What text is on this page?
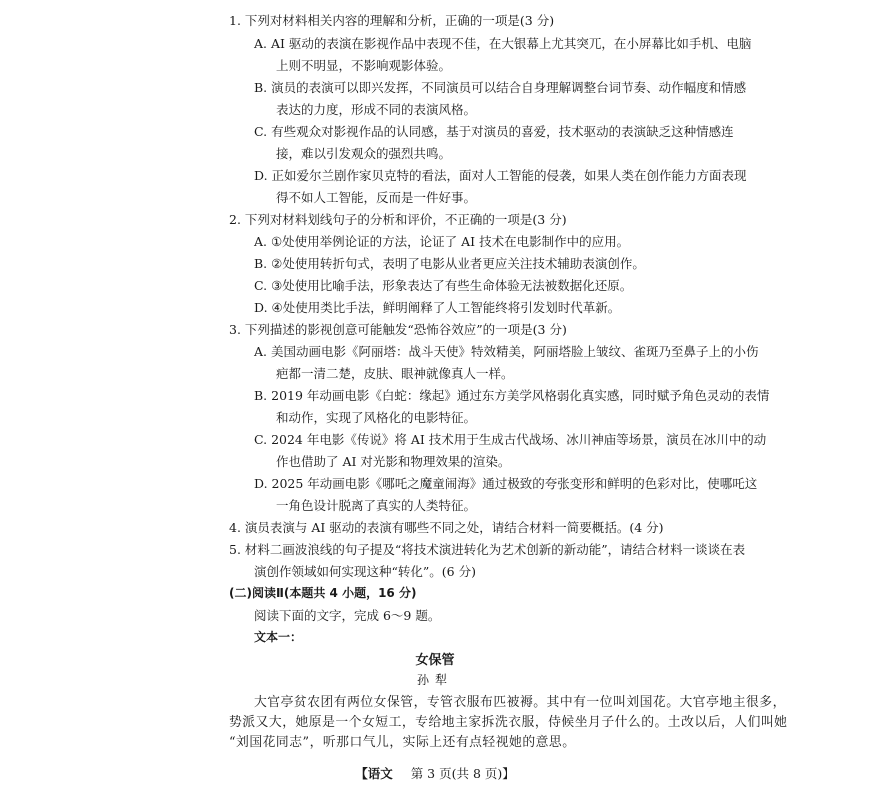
1. 下列对材料相关内容的理解和分析，正确的一项是(3 分)
A. AI 驱动的表演在影视作品中表现不佳，在大银幕上尤其突兀，在小屏幕比如手机、电脑
上则不明显，不影响观影体验。
B. 演员的表演可以即兴发挥，不同演员可以结合自身理解调整台词节奏、动作幅度和情感
表达的力度，形成不同的表演风格。
C. 有些观众对影视作品的认同感，基于对演员的喜爱，技术驱动的表演缺乏这种情感连
接，难以引发观众的强烈共鸣。
D. 正如爱尔兰剧作家贝克特的看法，面对人工智能的侵袭，如果人类在创作能力方面表现
得不如人工智能，反而是一件好事。
2. 下列对材料划线句子的分析和评价，不正确的一项是(3 分)
A. ①处使用举例论证的方法，论证了 AI 技术在电影制作中的应用。
B. ②处使用转折句式，表明了电影从业者更应关注技术辅助表演创作。
C. ③处使用比喻手法，形象表达了有些生命体验无法被数据化还原。
D. ④处使用类比手法，鲜明阐释了人工智能终将引发划时代革新。
3. 下列描述的影视创意可能触发“恐怖谷效应”的一项是(3 分)
A. 美国动画电影《阿丽塔：战斗天使》特效精美，阿丽塔脸上皱纹、雀斑乃至鼻子上的小伤
疤都一清二楚，皮肤、眼神就像真人一样。
B. 2019 年动画电影《白蛇：缘起》通过东方美学风格弱化真实感，同时赋予角色灵动的表情
和动作，实现了风格化的电影特征。
C. 2024 年电影《传说》将 AI 技术用于生成古代战场、冰川神庙等场景，演员在冰川中的动
作也借助了 AI 对光影和物理效果的渲染。
D. 2025 年动画电影《哪吒之魔童闹海》通过极致的夸张变形和鲜明的色彩对比，使哪吒这
一角色设计脱离了真实的人类特征。
4. 演员表演与 AI 驱动的表演有哪些不同之处，请结合材料一简要概括。(4 分)
5. 材料二画波浪线的句子提及“将技术演进转化为艺术创新的新动能”，请结合材料一谈谈在表
演创作领域如何实现这种“转化”。(6 分)
(二)阅读Ⅱ(本题共 4 小题，16 分)
阅读下面的文字，完成 6～9 题。
文本一：
女保管
孙犁
大官亭贫农团有两位女保管，专管衣服布匹被褥。其中有一位叫刘国花。大官亭地主很多，
势派又大，她原是一个女短工，专给地主家拆洗衣服，侍候坐月子什么的。土改以后，人们叫她
“刘国花同志”，听那口气儿，实际上还有点轻视她的意思。
【语文 第 3 页(共 8 页)】
